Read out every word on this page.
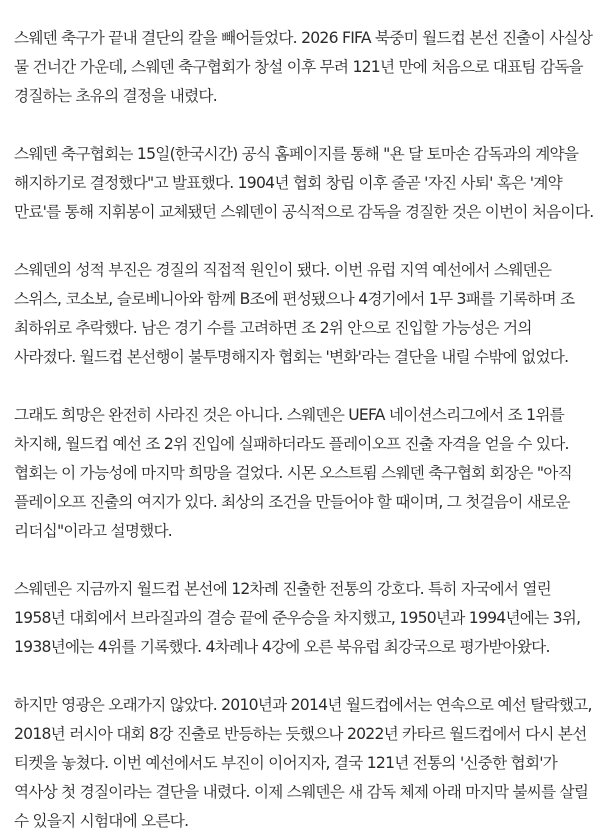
스웨덴 축구가 끝내 결단의 칼을 빼어들었다. 2026 FIFA 북중미 월드컵 본선 진출이 사실상 물 건너간 가운데, 스웨덴 축구협회가 창설 이후 무려 121년 만에 처음으로 대표팀 감독을 경질하는 초유의 결정을 내렸다.

스웨덴 축구협회는 15일(한국시간) 공식 홈페이지를 통해 "욘 달 토마손 감독과의 계약을 해지하기로 결정했다"고 발표했다. 1904년 협회 창립 이후 줄곧 '자진 사퇴' 혹은 '계약 만료'를 통해 지휘봉이 교체됐던 스웨덴이 공식적으로 감독을 경질한 것은 이번이 처음이다.

스웨덴의 성적 부진은 경질의 직접적 원인이 됐다. 이번 유럽 지역 예선에서 스웨덴은 스위스, 코소보, 슬로베니아와 함께 B조에 편성됐으나 4경기에서 1무 3패를 기록하며 조 최하위로 추락했다. 남은 경기 수를 고려하면 조 2위 안으로 진입할 가능성은 거의 사라졌다. 월드컵 본선행이 불투명해지자 협회는 '변화'라는 결단을 내릴 수밖에 없었다.

그래도 희망은 완전히 사라진 것은 아니다. 스웨덴은 UEFA 네이션스리그에서 조 1위를 차지해, 월드컵 예선 조 2위 진입에 실패하더라도 플레이오프 진출 자격을 얻을 수 있다. 협회는 이 가능성에 마지막 희망을 걸었다. 시몬 오스트룀 스웨덴 축구협회 회장은 "아직 플레이오프 진출의 여지가 있다. 최상의 조건을 만들어야 할 때이며, 그 첫걸음이 새로운 리더십"이라고 설명했다.

스웨덴은 지금까지 월드컵 본선에 12차례 진출한 전통의 강호다. 특히 자국에서 열린 1958년 대회에서 브라질과의 결승 끝에 준우승을 차지했고, 1950년과 1994년에는 3위, 1938년에는 4위를 기록했다. 4차례나 4강에 오른 북유럽 최강국으로 평가받아왔다.

하지만 영광은 오래가지 않았다. 2010년과 2014년 월드컵에서는 연속으로 예선 탈락했고, 2018년 러시아 대회 8강 진출로 반등하는 듯했으나 2022년 카타르 월드컵에서 다시 본선 티켓을 놓쳤다. 이번 예선에서도 부진이 이어지자, 결국 121년 전통의 '신중한 협회'가 역사상 첫 경질이라는 결단을 내렸다. 이제 스웨덴은 새 감독 체제 아래 마지막 불씨를 살릴 수 있을지 시험대에 오른다.
